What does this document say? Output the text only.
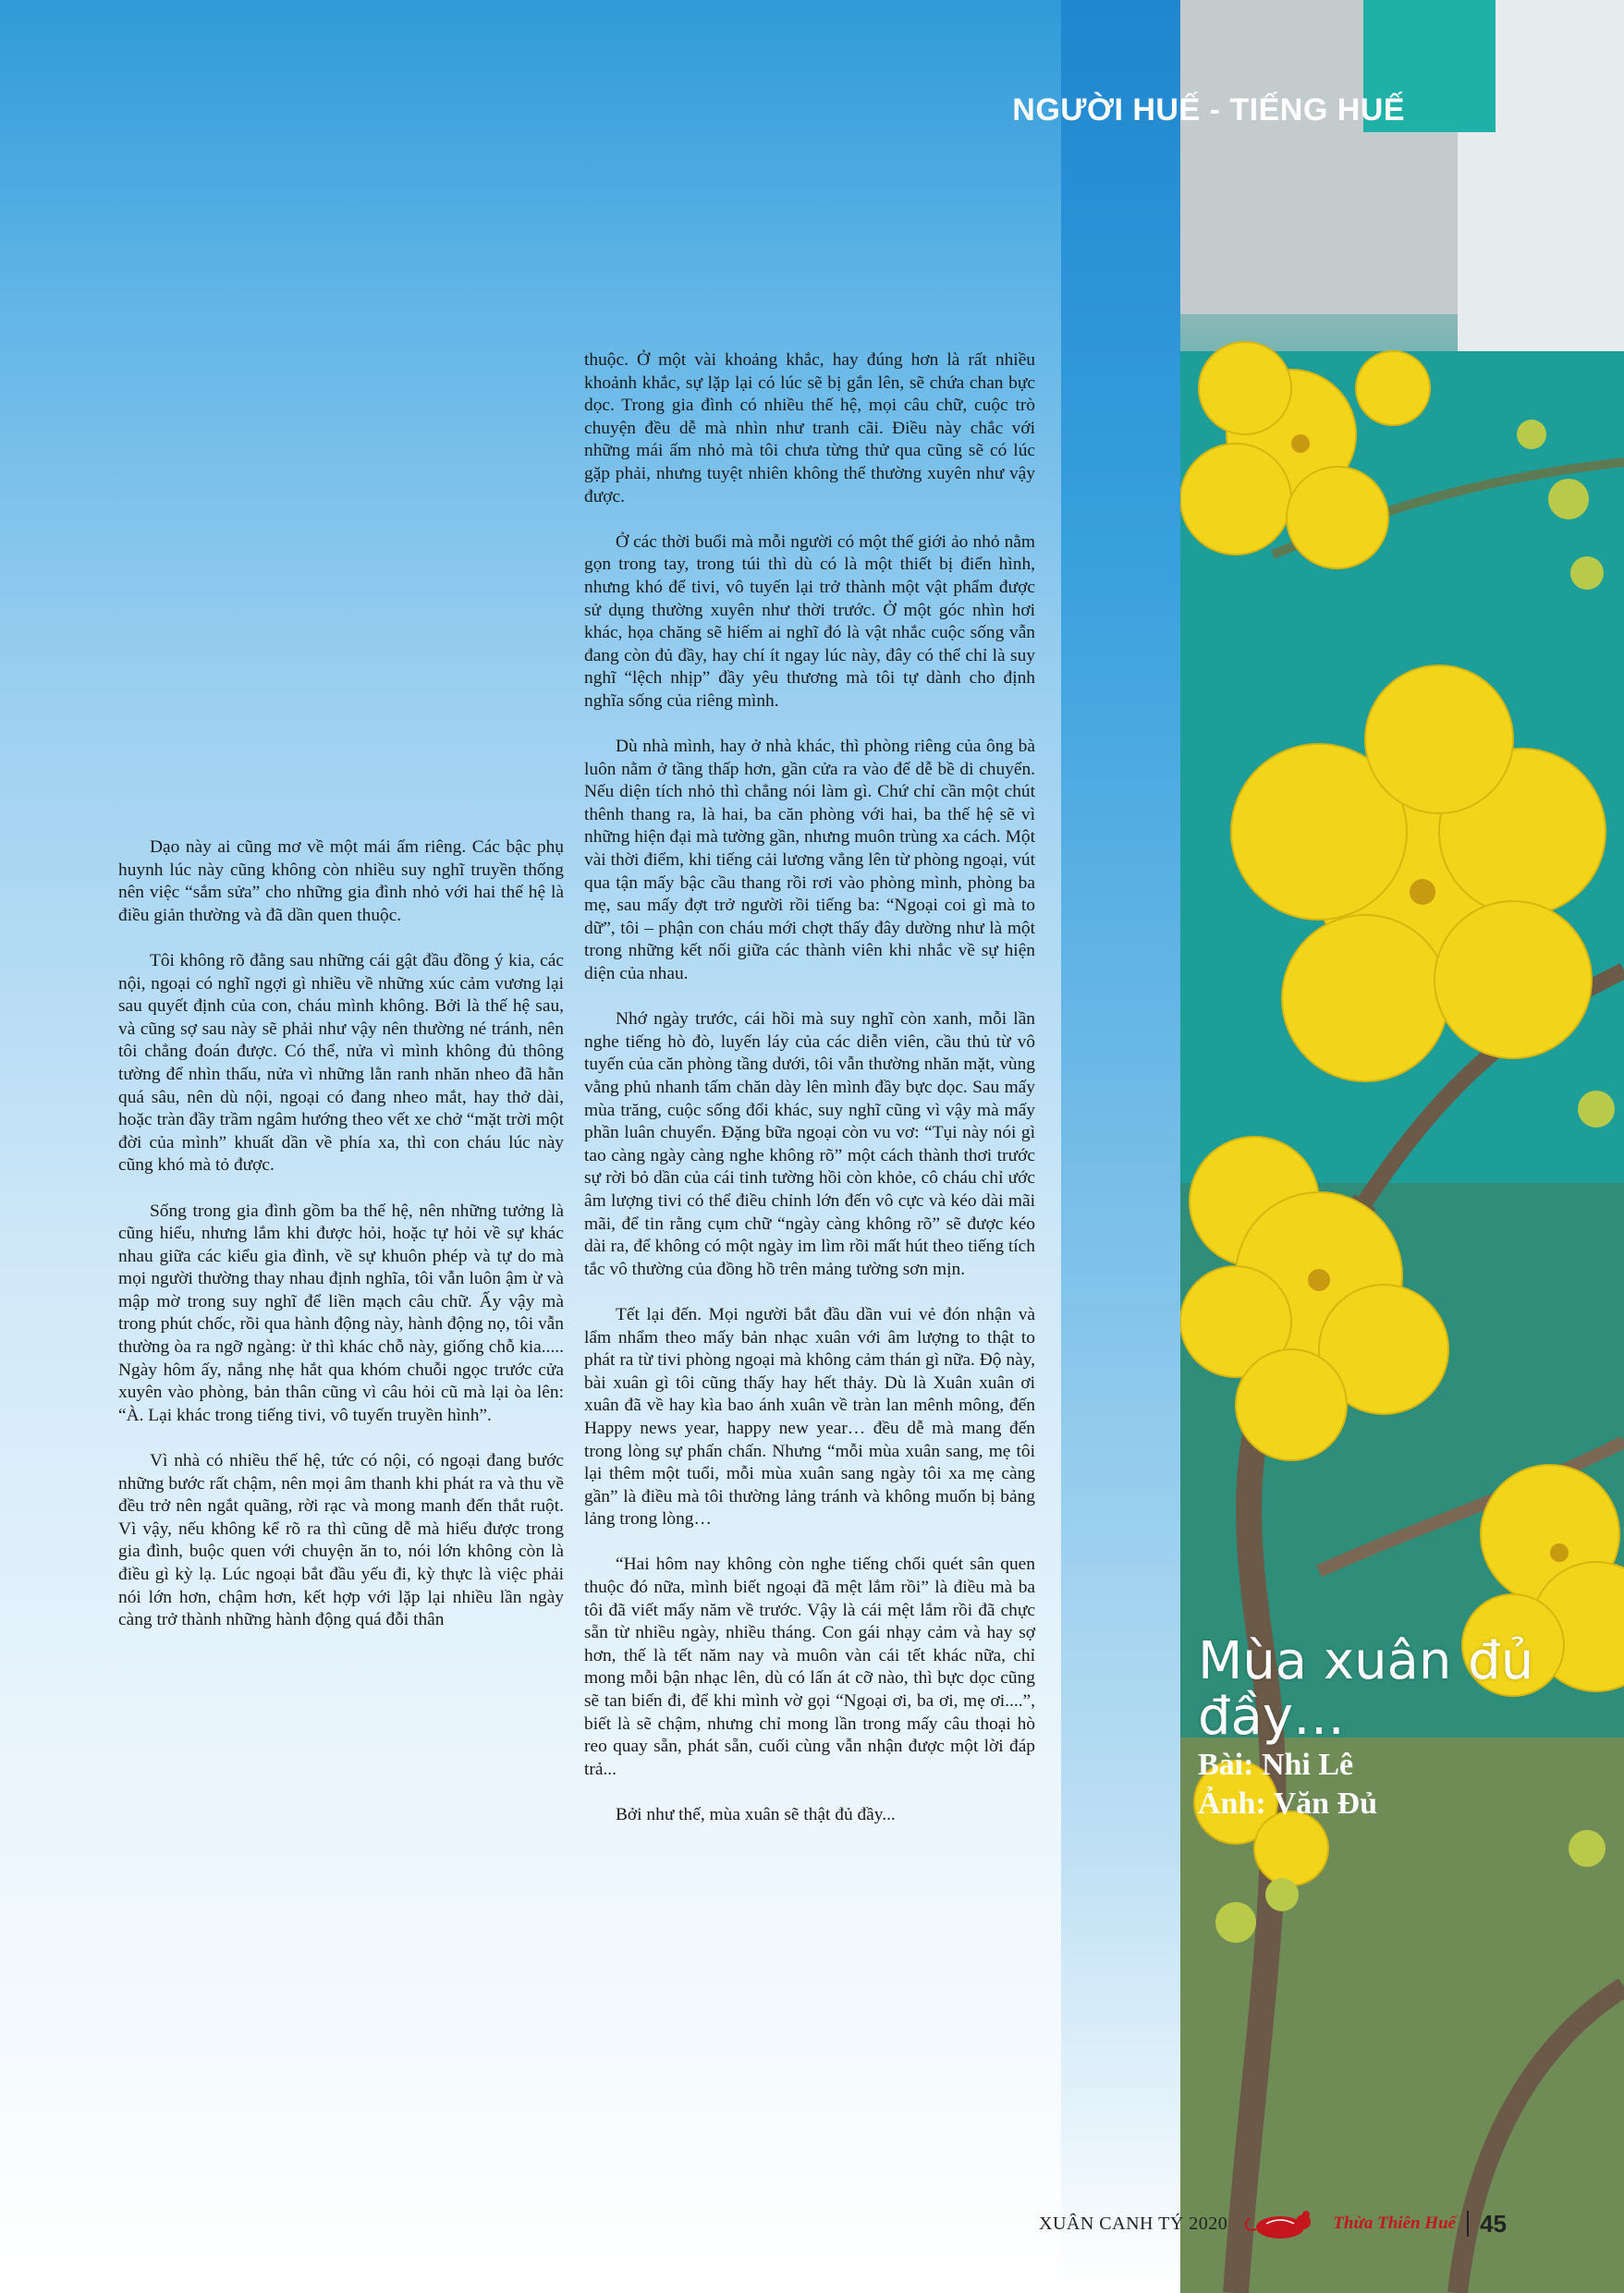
NGƯỜI HUẾ - TIẾNG HUẾ

Dạo này ai cũng mơ về một mái ấm riêng. Các bậc phụ huynh lúc này cũng không còn nhiều suy nghĩ truyền thống nên việc “sắm sửa” cho những gia đình nhỏ với hai thế hệ là điều giản thường và đã dần quen thuộc.

Tôi không rõ đằng sau những cái gật đầu đồng ý kia, các nội, ngoại có nghĩ ngợi gì nhiều về những xúc cảm vương lại sau quyết định của con, cháu mình không. Bởi là thế hệ sau, và cũng sợ sau này sẽ phải như vậy nên thường né tránh, nên tôi chẳng đoán được. Có thể, nửa vì mình không đủ thông tường để nhìn thấu, nửa vì những lằn ranh nhăn nheo đã hằn quá sâu, nên dù nội, ngoại có đang nheo mắt, hay thở dài, hoặc tràn đầy trầm ngâm hướng theo vết xe chở “mặt trời một đời của mình” khuất dần về phía xa, thì con cháu lúc này cũng khó mà tỏ được.

Sống trong gia đình gồm ba thế hệ, nên những tưởng là cũng hiểu, nhưng lắm khi được hỏi, hoặc tự hỏi về sự khác nhau giữa các kiểu gia đình, về sự khuôn phép và tự do mà mọi người thường thay nhau định nghĩa, tôi vẫn luôn ậm ừ và mập mờ trong suy nghĩ để liền mạch câu chữ. Ấy vậy mà trong phút chốc, rồi qua hành động này, hành động nọ, tôi vẫn thường òa ra ngỡ ngàng: ừ thì khác chỗ này, giống chỗ kia..... Ngày hôm ấy, nắng nhẹ hắt qua khóm chuỗi ngọc trước cửa xuyên vào phòng, bản thân cũng vì câu hỏi cũ mà lại òa lên: “À. Lại khác trong tiếng tivi, vô tuyến truyền hình”.

Vì nhà có nhiều thế hệ, tức có nội, có ngoại đang bước những bước rất chậm, nên mọi âm thanh khi phát ra và thu về đều trở nên ngắt quãng, rời rạc và mong manh đến thắt ruột. Vì vậy, nếu không kể rõ ra thì cũng dễ mà hiểu được trong gia đình, buộc quen với chuyện ăn to, nói lớn không còn là điều gì kỳ lạ. Lúc ngoại bắt đầu yếu đi, kỳ thực là việc phải nói lớn hơn, chậm hơn, kết hợp với lặp lại nhiều lần ngày càng trở thành những hành động quá đỗi thân

thuộc. Ở một vài khoảng khắc, hay đúng hơn là rất nhiều khoảnh khắc, sự lặp lại có lúc sẽ bị gắn lên, sẽ chứa chan bực dọc. Trong gia đình có nhiều thế hệ, mọi câu chữ, cuộc trò chuyện đều dễ mà nhìn như tranh cãi. Điều này chắc với những mái ấm nhỏ mà tôi chưa từng thử qua cũng sẽ có lúc gặp phải, nhưng tuyệt nhiên không thể thường xuyên như vậy được.

Ở các thời buổi mà mỗi người có một thế giới ảo nhỏ nằm gọn trong tay, trong túi thì dù có là một thiết bị điển hình, nhưng khó để tivi, vô tuyến lại trở thành một vật phẩm được sử dụng thường xuyên như thời trước. Ở một góc nhìn hơi khác, họa chăng sẽ hiếm ai nghĩ đó là vật nhắc cuộc sống vẫn đang còn đủ đầy, hay chí ít ngay lúc này, đây có thể chỉ là suy nghĩ “lệch nhịp” đầy yêu thương mà tôi tự dành cho định nghĩa sống của riêng mình.

Dù nhà mình, hay ở nhà khác, thì phòng riêng của ông bà luôn nằm ở tầng thấp hơn, gần cửa ra vào để dễ bề di chuyển. Nếu diện tích nhỏ thì chẳng nói làm gì. Chứ chỉ cần một chút thênh thang ra, là hai, ba căn phòng với hai, ba thế hệ sẽ vì những hiện đại mà tường gần, nhưng muôn trùng xa cách. Một vài thời điểm, khi tiếng cải lương vẳng lên từ phòng ngoại, vút qua tận mấy bậc cầu thang rồi rơi vào phòng mình, phòng ba mẹ, sau mấy đợt trở người rồi tiếng ba: “Ngoại coi gì mà to dữ”, tôi – phận con cháu mới chợt thấy đây dường như là một trong những kết nối giữa các thành viên khi nhắc về sự hiện diện của nhau.

Nhớ ngày trước, cái hồi mà suy nghĩ còn xanh, mỗi lần nghe tiếng hò đò, luyến láy của các diễn viên, cầu thủ từ vô tuyến của căn phòng tầng dưới, tôi vẫn thường nhăn mặt, vùng vằng phủ nhanh tấm chăn dày lên mình đầy bực dọc. Sau mấy mùa trăng, cuộc sống đổi khác, suy nghĩ cũng vì vậy mà mấy phần luân chuyển. Đặng bữa ngoại còn vu vơ: “Tụi này nói gì tao càng ngày càng nghe không rõ” một cách thành thơi trước sự rời bỏ dần của cái tinh tường hồi còn khỏe, cô cháu chỉ ước âm lượng tivi có thể điều chỉnh lớn đến vô cực và kéo dài mãi mãi, để tin rằng cụm chữ “ngày càng không rõ” sẽ được kéo dài ra, để không có một ngày im lìm rồi mất hút theo tiếng tích tắc vô thường của đồng hồ trên mảng tường sơn mịn.

Tết lại đến. Mọi người bắt đầu dần vui vẻ đón nhận và lẩm nhẩm theo mấy bản nhạc xuân với âm lượng to thật to phát ra từ tivi phòng ngoại mà không cảm thán gì nữa. Độ này, bài xuân gì tôi cũng thấy hay hết thảy. Dù là Xuân xuân ơi xuân đã về hay kìa bao ánh xuân về tràn lan mênh mông, đến Happy news year, happy new year… đều dễ mà mang đến trong lòng sự phấn chấn. Nhưng “mỗi mùa xuân sang, mẹ tôi lại thêm một tuổi, mỗi mùa xuân sang ngày tôi xa mẹ càng gần” là điều mà tôi thường lảng tránh và không muốn bị bảng lảng trong lòng…

“Hai hôm nay không còn nghe tiếng chổi quét sân quen thuộc đó nữa, mình biết ngoại đã mệt lắm rồi” là điều mà ba tôi đã viết mấy năm về trước. Vậy là cái mệt lắm rồi đã chực sẵn từ nhiều ngày, nhiều tháng. Con gái nhạy cảm và hay sợ hơn, thế là tết năm nay và muôn vàn cái tết khác nữa, chỉ mong mỗi bận nhạc lên, dù có lấn át cỡ nào, thì bực dọc cũng sẽ tan biến đi, để khi mình vờ gọi “Ngoại ơi, ba ơi, mẹ ơi....”, biết là sẽ chậm, nhưng chỉ mong lần trong mấy câu thoại hò reo quay sẵn, phát sẵn, cuối cùng vẫn nhận được một lời đáp trả...

Bởi như thế, mùa xuân sẽ thật đủ đầy...

Mùa xuân đủ đầy…
Bài: Nhi Lê
Ảnh: Văn Đủ
XUÂN CANH TÝ 2020	Thừa Thiên Huế 45
